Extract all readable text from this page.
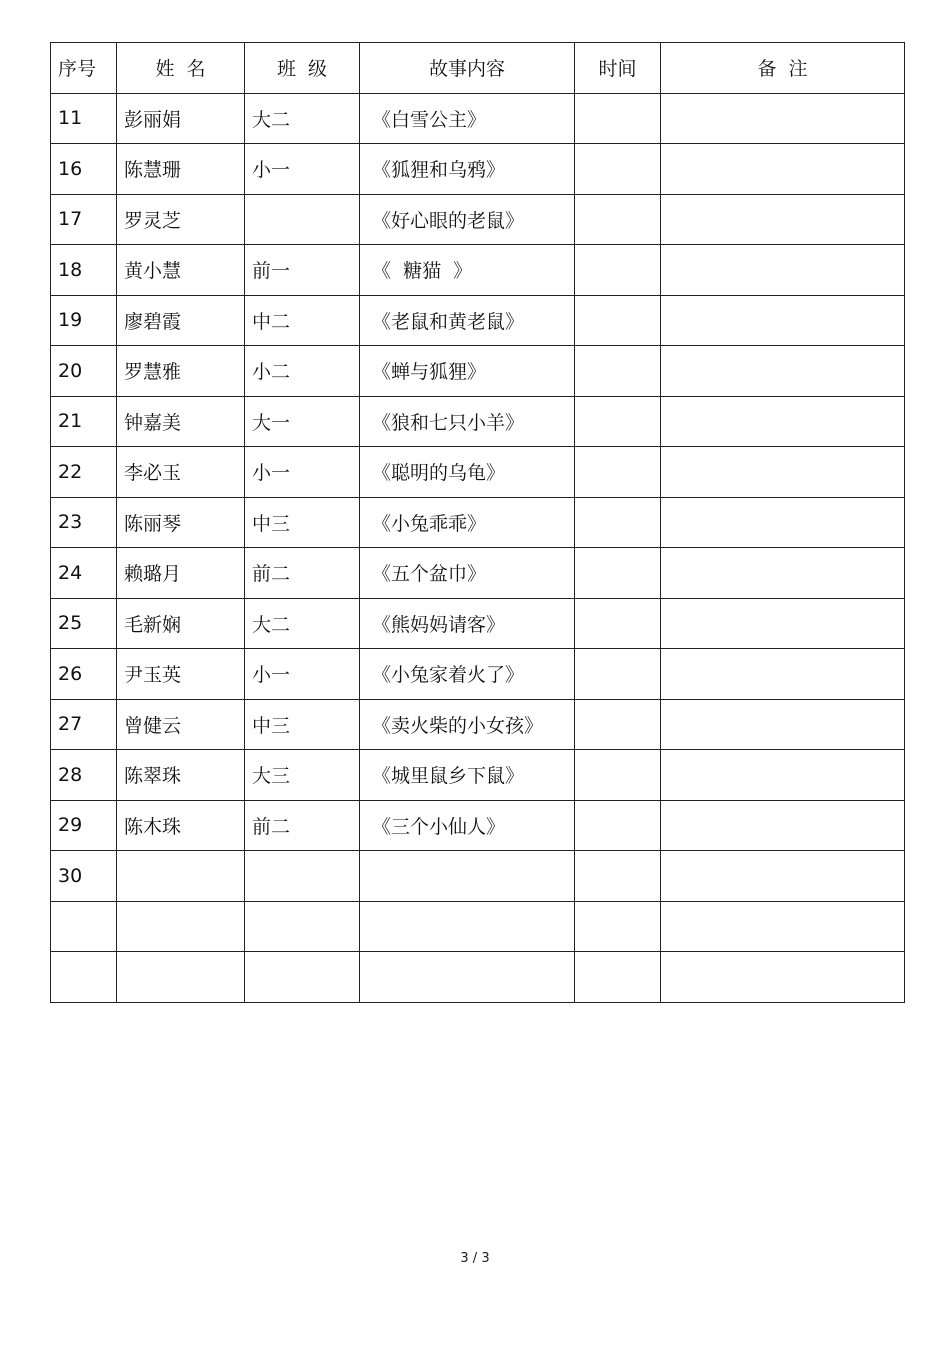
序号	姓  名	班  级	故事内容	时间	备  注
11	彭丽娟	大二	《白雪公主》		
16	陈慧珊	小一	《狐狸和乌鸦》		
17	罗灵芝		《好心眼的老鼠》		
18	黄小慧	前一	《  糖猫  》		
19	廖碧霞	中二	《老鼠和黄老鼠》		
20	罗慧雅	小二	《蝉与狐狸》		
21	钟嘉美	大一	《狼和七只小羊》		
22	李必玉	小一	《聪明的乌龟》		
23	陈丽琴	中三	《小兔乖乖》		
24	赖璐月	前二	《五个盆巾》		
25	毛新娴	大二	《熊妈妈请客》		
26	尹玉英	小一	《小兔家着火了》		
27	曾健云	中三	《卖火柴的小女孩》		
28	陈翠珠	大三	《城里鼠乡下鼠》		
29	陈木珠	前二	《三个小仙人》		
30					

3 / 3
